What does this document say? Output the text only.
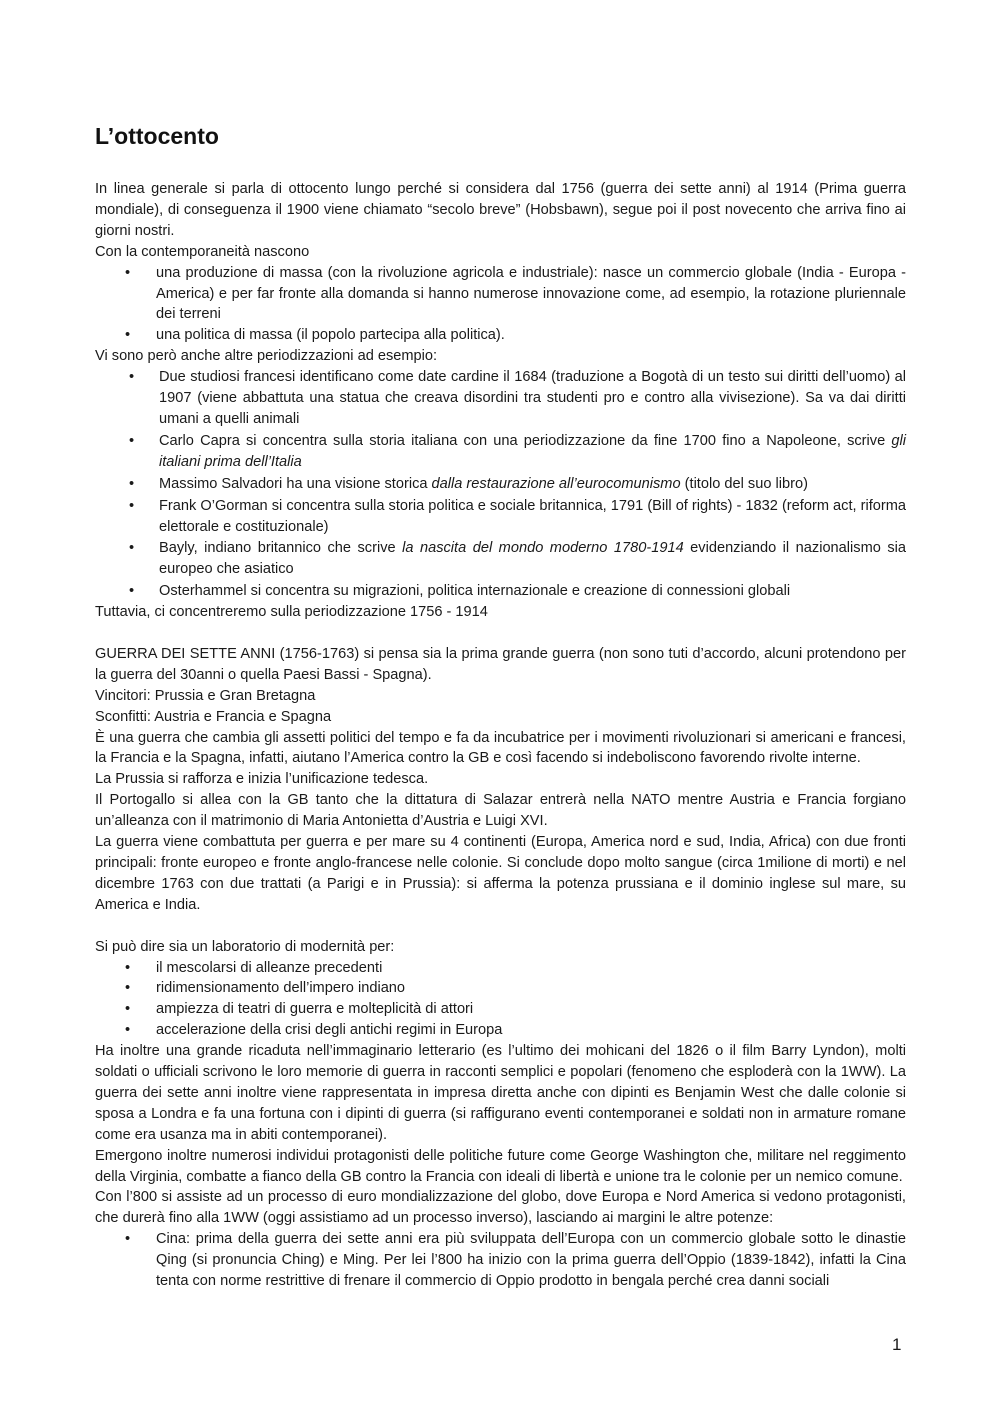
L’ottocento

In linea generale si parla di ottocento lungo perché si considera dal 1756 (guerra dei sette anni) al 1914 (Prima guerra mondiale), di conseguenza il 1900 viene chiamato “secolo breve” (Hobsbawn), segue poi il post novecento che arriva fino ai giorni nostri.

Con la contemporaneità nascono

• una produzione di massa (con la rivoluzione agricola e industriale): nasce un commercio globale (India - Europa - America) e per far fronte alla domanda si hanno numerose innovazione come, ad esempio, la rotazione pluriennale dei terreni
• una politica di massa (il popolo partecipa alla politica).

Vi sono però anche altre periodizzazioni ad esempio:

• Due studiosi francesi identificano come date cardine il 1684 (traduzione a Bogotà di un testo sui diritti dell’uomo) al 1907 (viene abbattuta una statua che creava disordini tra studenti pro e contro alla vivisezione). Sa va dai diritti umani a quelli animali
• Carlo Capra si concentra sulla storia italiana con una periodizzazione da fine 1700 fino a Napoleone, scrive gli italiani prima dell’Italia
• Massimo Salvadori ha una visione storica dalla restaurazione all’eurocomunismo (titolo del suo libro)
• Frank O’Gorman si concentra sulla storia politica e sociale britannica, 1791 (Bill of rights) - 1832 (reform act, riforma elettorale e costituzionale)
• Bayly, indiano britannico che scrive la nascita del mondo moderno 1780-1914 evidenziando il nazionalismo sia europeo che asiatico
• Osterhammel si concentra su migrazioni, politica internazionale e creazione di connessioni globali

Tuttavia, ci concentreremo sulla periodizzazione 1756 - 1914

GUERRA DEI SETTE ANNI (1756-1763) si pensa sia la prima grande guerra (non sono tuti d’accordo, alcuni protendono per la guerra del 30anni o quella Paesi Bassi - Spagna).

Vincitori: Prussia e Gran Bretagna

Sconfitti: Austria e Francia e Spagna

È una guerra che cambia gli assetti politici del tempo e fa da incubatrice per i movimenti rivoluzionari si americani e francesi, la Francia e la Spagna, infatti, aiutano l’America contro la GB e così facendo si indeboliscono favorendo rivolte interne.

La Prussia si rafforza e inizia l’unificazione tedesca.

Il Portogallo si allea con la GB tanto che la dittatura di Salazar entrerà nella NATO mentre Austria e Francia forgiano un’alleanza con il matrimonio di Maria Antonietta d’Austria e Luigi XVI.

La guerra viene combattuta per guerra e per mare su 4 continenti (Europa, America nord e sud, India, Africa) con due fronti principali: fronte europeo e fronte anglo-francese nelle colonie. Si conclude dopo molto sangue (circa 1milione di morti) e nel dicembre 1763 con due trattati (a Parigi e in Prussia): si afferma la potenza prussiana e il dominio inglese sul mare, su America e India.

Si può dire sia un laboratorio di modernità per:

• il mescolarsi di alleanze precedenti
• ridimensionamento dell’impero indiano
• ampiezza di teatri di guerra e molteplicità di attori
• accelerazione della crisi degli antichi regimi in Europa

Ha inoltre una grande ricaduta nell’immaginario letterario (es l’ultimo dei mohicani del 1826 o il film Barry Lyndon), molti soldati o ufficiali scrivono le loro memorie di guerra in racconti semplici e popolari (fenomeno che esploderà con la 1WW). La guerra dei sette anni inoltre viene rappresentata in impresa diretta anche con dipinti es Benjamin West che dalle colonie si sposa a Londra e fa una fortuna con i dipinti di guerra (si raffigurano eventi contemporanei e soldati non in armature romane come era usanza ma in abiti contemporanei).

Emergono inoltre numerosi individui protagonisti delle politiche future come George Washington che, militare nel reggimento della Virginia, combatte a fianco della GB contro la Francia con ideali di libertà e unione tra le colonie per un nemico comune.

Con l’800 si assiste ad un processo di euro mondializzazione del globo, dove Europa e Nord America si vedono protagonisti, che durerà fino alla 1WW (oggi assistiamo ad un processo inverso), lasciando ai margini le altre potenze:

• Cina: prima della guerra dei sette anni era più sviluppata dell’Europa con un commercio globale sotto le dinastie Qing (si pronuncia Ching) e Ming. Per lei l’800 ha inizio con la prima guerra dell’Oppio (1839-1842), infatti la Cina tenta con norme restrittive di frenare il commercio di Oppio prodotto in bengala perché crea danni sociali
1
